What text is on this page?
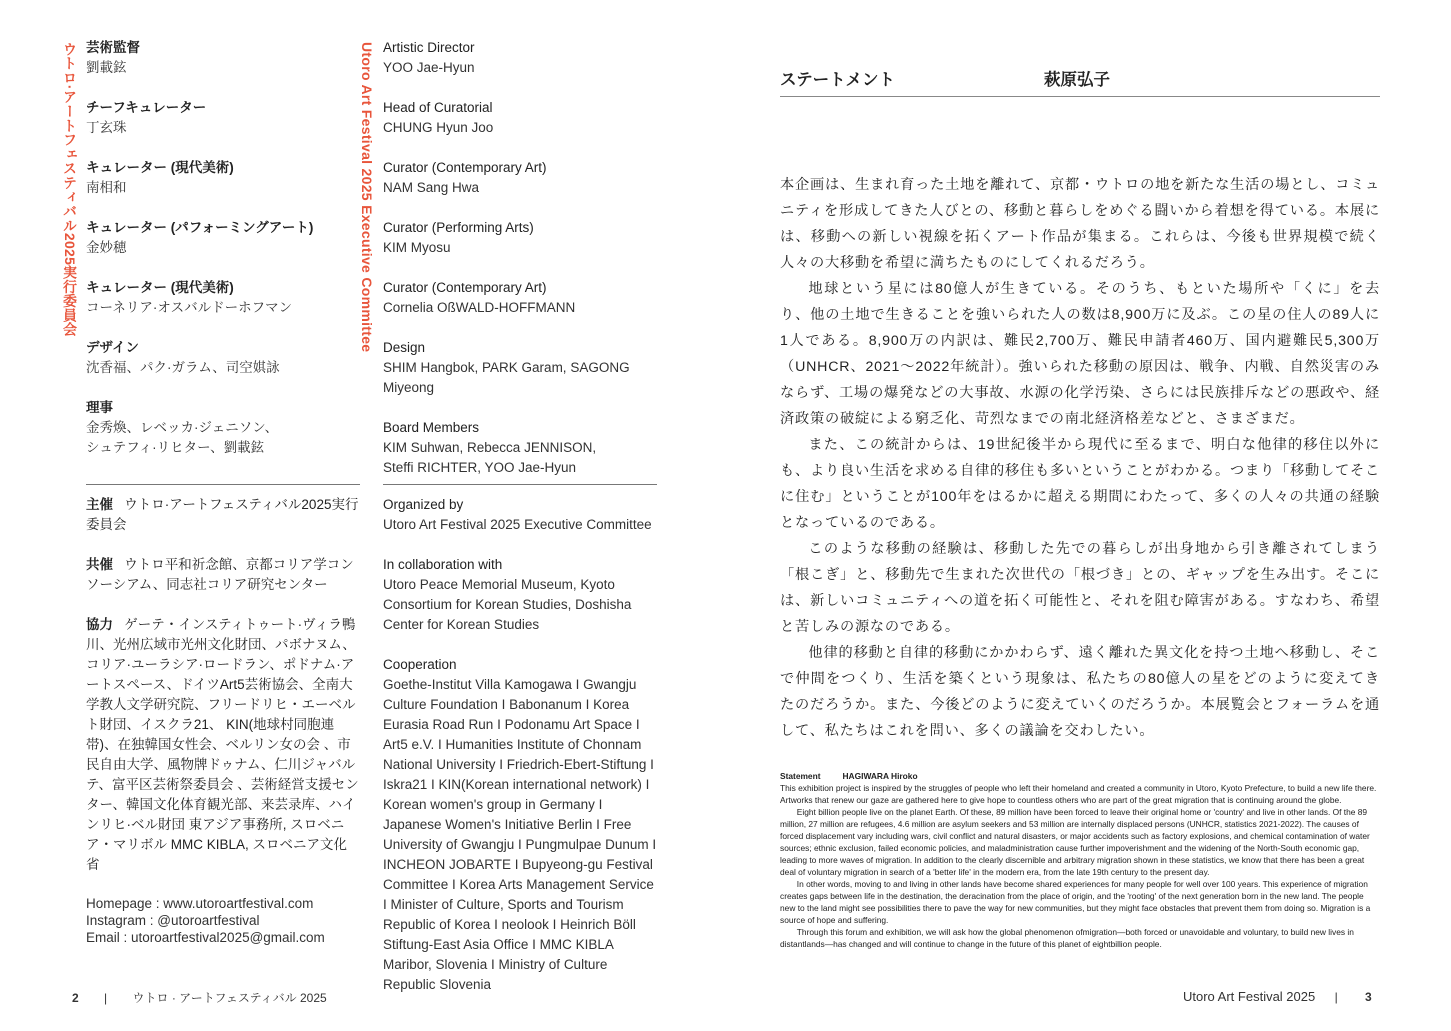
ウトロ·アートフェスティバル2025実行委員会	Utoro Art Festival 2025 Executive Committee
芸術監督
劉載鉉
チーフキュレーター
丁玄珠
キュレーター (現代美術)
南相和
キュレーター (パフォーミングアート)
金妙穂
キュレーター (現代美術)
コーネリア·オスバルドーホフマン
デザイン
沈香福、パク·ガラム、司空娸詠
理事
金秀煥、レベッカ·ジェニソン、シュテフィ·リヒター、劉載鉉
Artistic Director
YOO Jae-Hyun
Head of Curatorial
CHUNG Hyun Joo
Curator (Contemporary Art)
NAM Sang Hwa
Curator (Performing Arts)
KIM Myosu
Curator (Contemporary Art)
Cornelia OßWALD-HOFFMANN
Design
SHIM Hangbok, PARK Garam, SAGONG Miyeong
Board Members
KIM Suhwan, Rebecca JENNISON, Steffi RICHTER, YOO Jae-Hyun
主催 ウトロ·アートフェスティバル2025実行委員会
共催 ウトロ平和祈念館、京都コリア学コンソーシアム、同志社コリア研究センター
協力 ゲーテ・インスティトゥート·ヴィラ鴨川、光州広域市光州文化財団、パボナヌム、コリア·ユーラシア·ロードラン、ポドナム·アートスペース、ドイツArt5芸術協会、全南大学教人文学研究院、フリードリヒ・エーベルト財団、イスクラ21、 KIN(地球村同胞連帯)、在独韓国女性会、ベルリン女の会 、市民自由大学、風物牌ドゥナム、仁川ジャバルテ、富平区芸術祭委員会 、芸術経営支援センター、韓国文化体育観光部、来芸录库、ハインリヒ·ベル財団 東アジア事務所, スロベニア・マリボル MMC KIBLA, スロベニア文化省
Homepage : www.utoroartfestival.com
Instagram : @utoroartfestival
Email : utoroartfestival2025@gmail.com
Organized by
Utoro Art Festival 2025 Executive Committee
In collaboration with
Utoro Peace Memorial Museum, Kyoto Consortium for Korean Studies, Doshisha Center for Korean Studies
Cooperation
Goethe-Institut Villa Kamogawa I Gwangju Culture Foundation I Babonanum I Korea Eurasia Road Run I Podonamu Art Space I Art5 e.V. I Humanities Institute of Chonnam National University I Friedrich-Ebert-Stiftung I Iskra21 I KIN(Korean international network) I Korean women's group in Germany I Japanese Women's Initiative Berlin I Free University of Gwangju I Pungmulpae Dunum I INCHEON JOBARTE I Bupyeong-gu Festival Committee I Korea Arts Management Service I Minister of Culture, Sports and Tourism Republic of Korea I neolook I Heinrich Böll Stiftung-East Asia Office I MMC KIBLA Maribor, Slovenia I Ministry of Culture Republic Slovenia
2 | ウトロ · アートフェスティバル 2025
ステートメント	萩原弘子

本企画は、生まれ育った土地を離れて、京都・ウトロの地を新たな生活の場とし、コミュニティを形成してきた人びとの、移動と暮らしをめぐる闘いから着想を得ている。本展には、移動への新しい視線を拓くアート作品が集まる。これらは、今後も世界規模で続く人々の大移動を希望に満ちたものにしてくれるだろう。

地球という星には80億人が生きている。そのうち、もといた場所や「くに」を去り、他の土地で生きることを強いられた人の数は8,900万に及ぶ。この星の住人の89人に1人である。8,900万の内訳は、難民2,700万、難民申請者460万、国内避難民5,300万（UNHCR、2021～2022年統計）。強いられた移動の原因は、戦争、内戦、自然災害のみならず、工場の爆発などの大事故、水源の化学汚染、さらには民族排斥などの悪政や、経済政策の破綻による窮乏化、苛烈なまでの南北経済格差などと、さまざまだ。

また、この統計からは、19世紀後半から現代に至るまで、明白な他律的移住以外にも、より良い生活を求める自律的移住も多いということがわかる。つまり「移動してそこに住む」ということが100年をはるかに超える期間にわたって、多くの人々の共通の経験となっているのである。

このような移動の経験は、移動した先での暮らしが出身地から引き離されてしまう「根こぎ」と、移動先で生まれた次世代の「根づき」との、ギャップを生み出す。そこには、新しいコミュニティへの道を拓く可能性と、それを阻む障害がある。すなわち、希望と苦しみの源なのである。

他律的移動と自律的移動にかかわらず、遠く離れた異文化を持つ土地へ移動し、そこで仲間をつくり、生活を築くという現象は、私たちの80億人の星をどのように変えてきたのだろうか。また、今後どのように変えていくのだろうか。本展覧会とフォーラムを通して、私たちはこれを問い、多くの議論を交わしたい。

Statement	HAGIWARA Hiroko

This exhibition project is inspired by the struggles of people who left their homeland and created a community in Utoro, Kyoto Prefecture, to build a new life there. Artworks that renew our gaze are gathered here to give hope to countless others who are part of the great migration that is continuing around the globe.

Eight billion people live on the planet Earth. Of these, 89 million have been forced to leave their original home or 'country' and live in other lands. Of the 89 million, 27 million are refugees, 4.6 million are asylum seekers and 53 million are internally displaced persons (UNHCR, statistics 2021-2022). The causes of forced displacement vary including wars, civil conflict and natural disasters, or major accidents such as factory explosions, and chemical contamination of water sources; ethnic exclusion, failed economic policies, and maladministration cause further impoverishment and the widening of the North-South economic gap, leading to more waves of migration. In addition to the clearly discernible and arbitrary migration shown in these statistics, we know that there has been a great deal of voluntary migration in search of a 'better life' in the modern era, from the late 19th century to the present day.

In other words, moving to and living in other lands have become shared experiences for many people for well over 100 years. This experience of migration creates gaps between life in the destination, the deracination from the place of origin, and the 'rooting' of the next generation born in the new land. The people new to the land might see possibilities there to pave the way for new communities, but they might face obstacles that prevent them from doing so. Migration is a source of hope and suffering.

Through this forum and exhibition, we will ask how the global phenomenon ofmigration—both forced or unavoidable and voluntary, to build new lives in distantlands—has changed and will continue to change in the future of this planet of eightbillion people.

Utoro Art Festival 2025 | 3
